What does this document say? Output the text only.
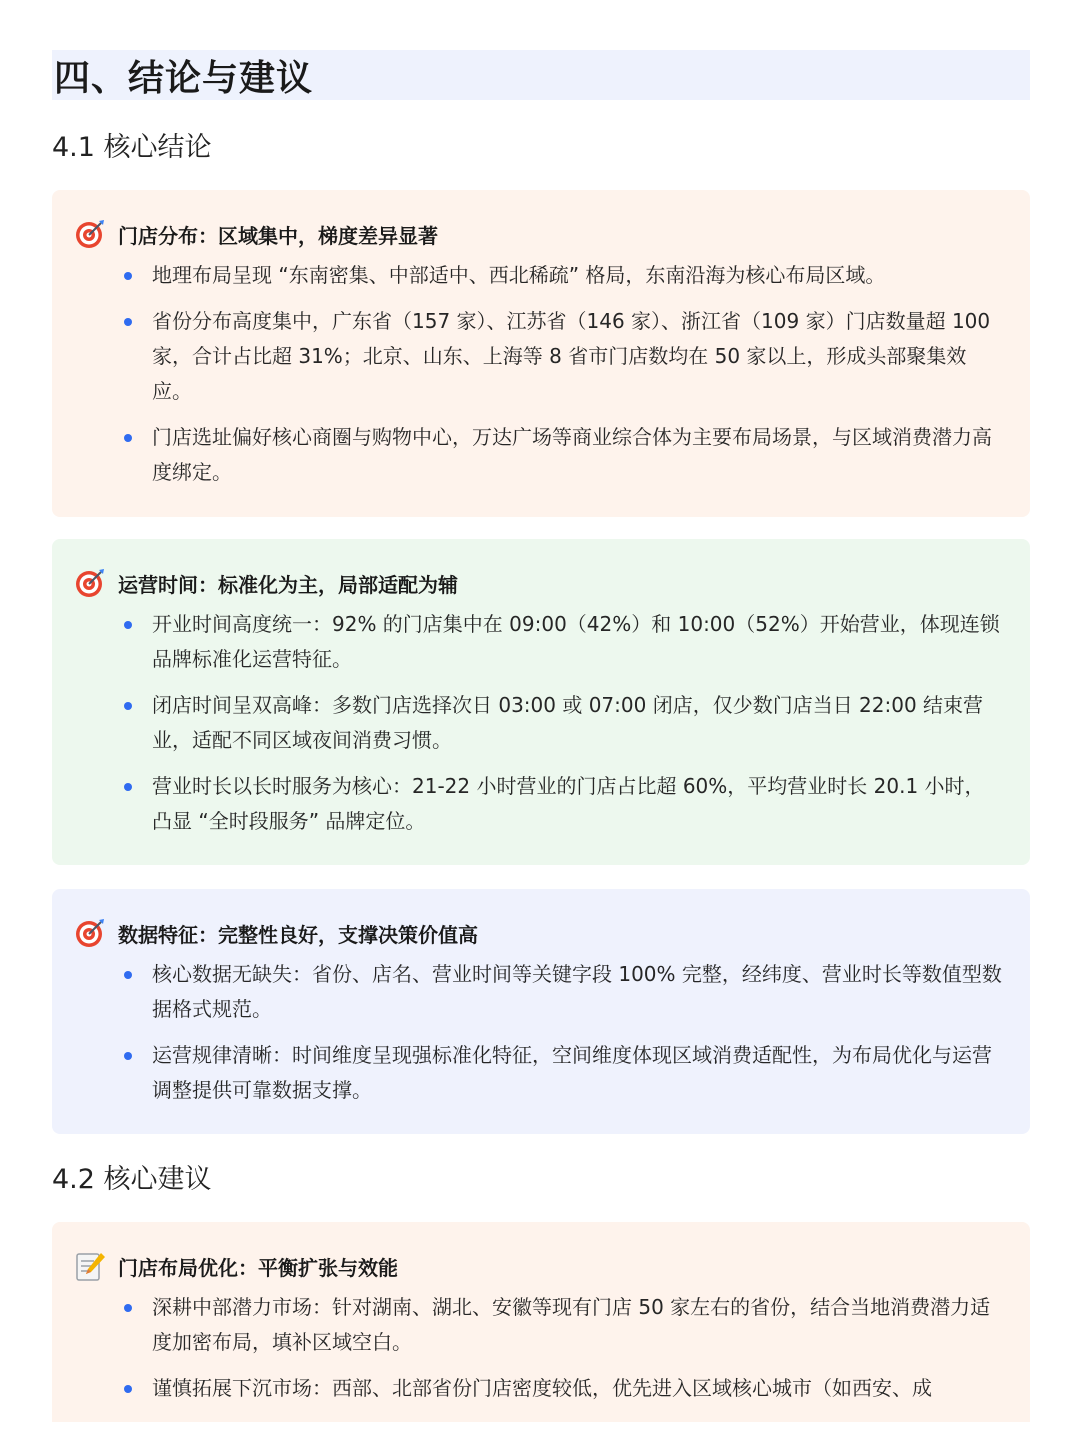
四、结论与建议
4.1 核心结论
门店分布：区域集中，梯度差异显著
地理布局呈现 “东南密集、中部适中、西北稀疏” 格局，东南沿海为核心布局区域。
省份分布高度集中，广东省（157 家）、江苏省（146 家）、浙江省（109 家）门店数量超 100 家，合计占比超 31%；北京、山东、上海等 8 省市门店数均在 50 家以上，形成头部聚集效应。
门店选址偏好核心商圈与购物中心，万达广场等商业综合体为主要布局场景，与区域消费潜力高度绑定。
运营时间：标准化为主，局部适配为辅
开业时间高度统一：92% 的门店集中在 09:00（42%）和 10:00（52%）开始营业，体现连锁品牌标准化运营特征。
闭店时间呈双高峰：多数门店选择次日 03:00 或 07:00 闭店，仅少数门店当日 22:00 结束营业，适配不同区域夜间消费习惯。
营业时长以长时服务为核心：21-22 小时营业的门店占比超 60%，平均营业时长 20.1 小时，凸显 “全时段服务” 品牌定位。
数据特征：完整性良好，支撑决策价值高
核心数据无缺失：省份、店名、营业时间等关键字段 100% 完整，经纬度、营业时长等数值型数据格式规范。
运营规律清晰：时间维度呈现强标准化特征，空间维度体现区域消费适配性，为布局优化与运营调整提供可靠数据支撑。
4.2 核心建议
门店布局优化：平衡扩张与效能
深耕中部潜力市场：针对湖南、湖北、安徽等现有门店 50 家左右的省份，结合当地消费潜力适度加密布局，填补区域空白。
谨慎拓展下沉市场：西部、北部省份门店密度较低，优先进入区域核心城市（如西安、成
